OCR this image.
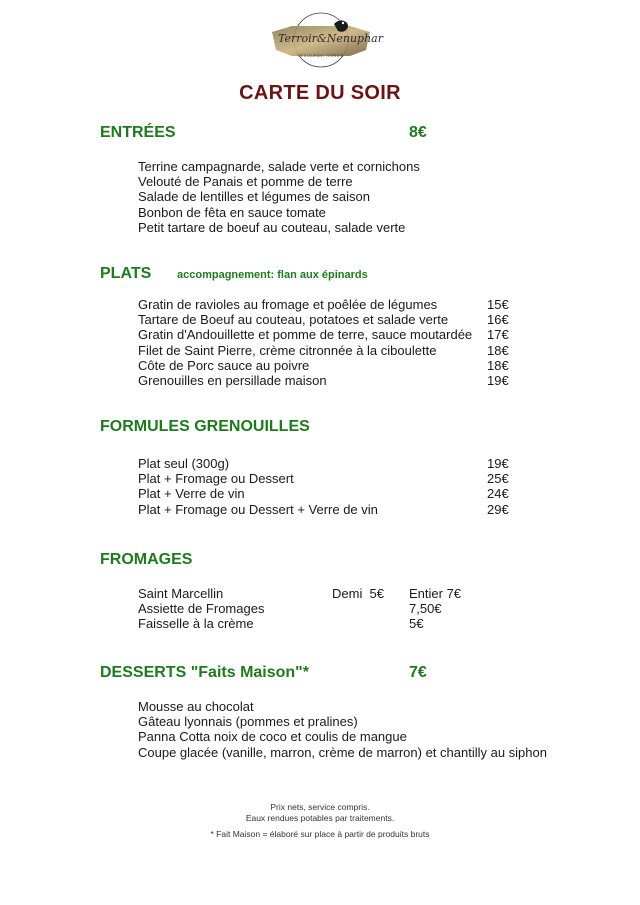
Terroir&Nenuphar
RESTAURANT TERROIR
CARTE DU SOIR
ENTRÉES	8€
Terrine campagnarde, salade verte et cornichons
Velouté de Panais et pomme de terre
Salade de lentilles et légumes de saison
Bonbon de fêta en sauce tomate
Petit tartare de boeuf au couteau, salade verte
PLATS accompagnement: flan aux épinards
Gratin de ravioles au fromage et poêlée de légumes	15€
Tartare de Boeuf au couteau, potatoes et salade verte	16€
Gratin d'Andouillette et pomme de terre, sauce moutardée 17€
Filet de Saint Pierre, crème citronnée à la ciboulette	18€
Côte de Porc sauce au poivre	18€
Grenouilles en persillade maison	19€
FORMULES GRENOUILLES
Plat seul (300g)	19€
Plat + Fromage ou Dessert	25€
Plat + Verre de vin	24€
Plat + Fromage ou Dessert + Verre de vin	29€
FROMAGES
Saint Marcellin	Demi  5€ Entier 7€
Assiette de Fromages	7,50€
Faisselle à la crème	5€
DESSERTS "Faits Maison"*	7€
Mousse au chocolat
Gâteau lyonnais (pommes et pralines)
Panna Cotta noix de coco et coulis de mangue
Coupe glacée (vanille, marron, crème de marron) et chantilly au siphon
Prix nets, service compris.
Eaux rendues potables par traitements.
* Fait Maison = élaboré sur place à partir de produits bruts
